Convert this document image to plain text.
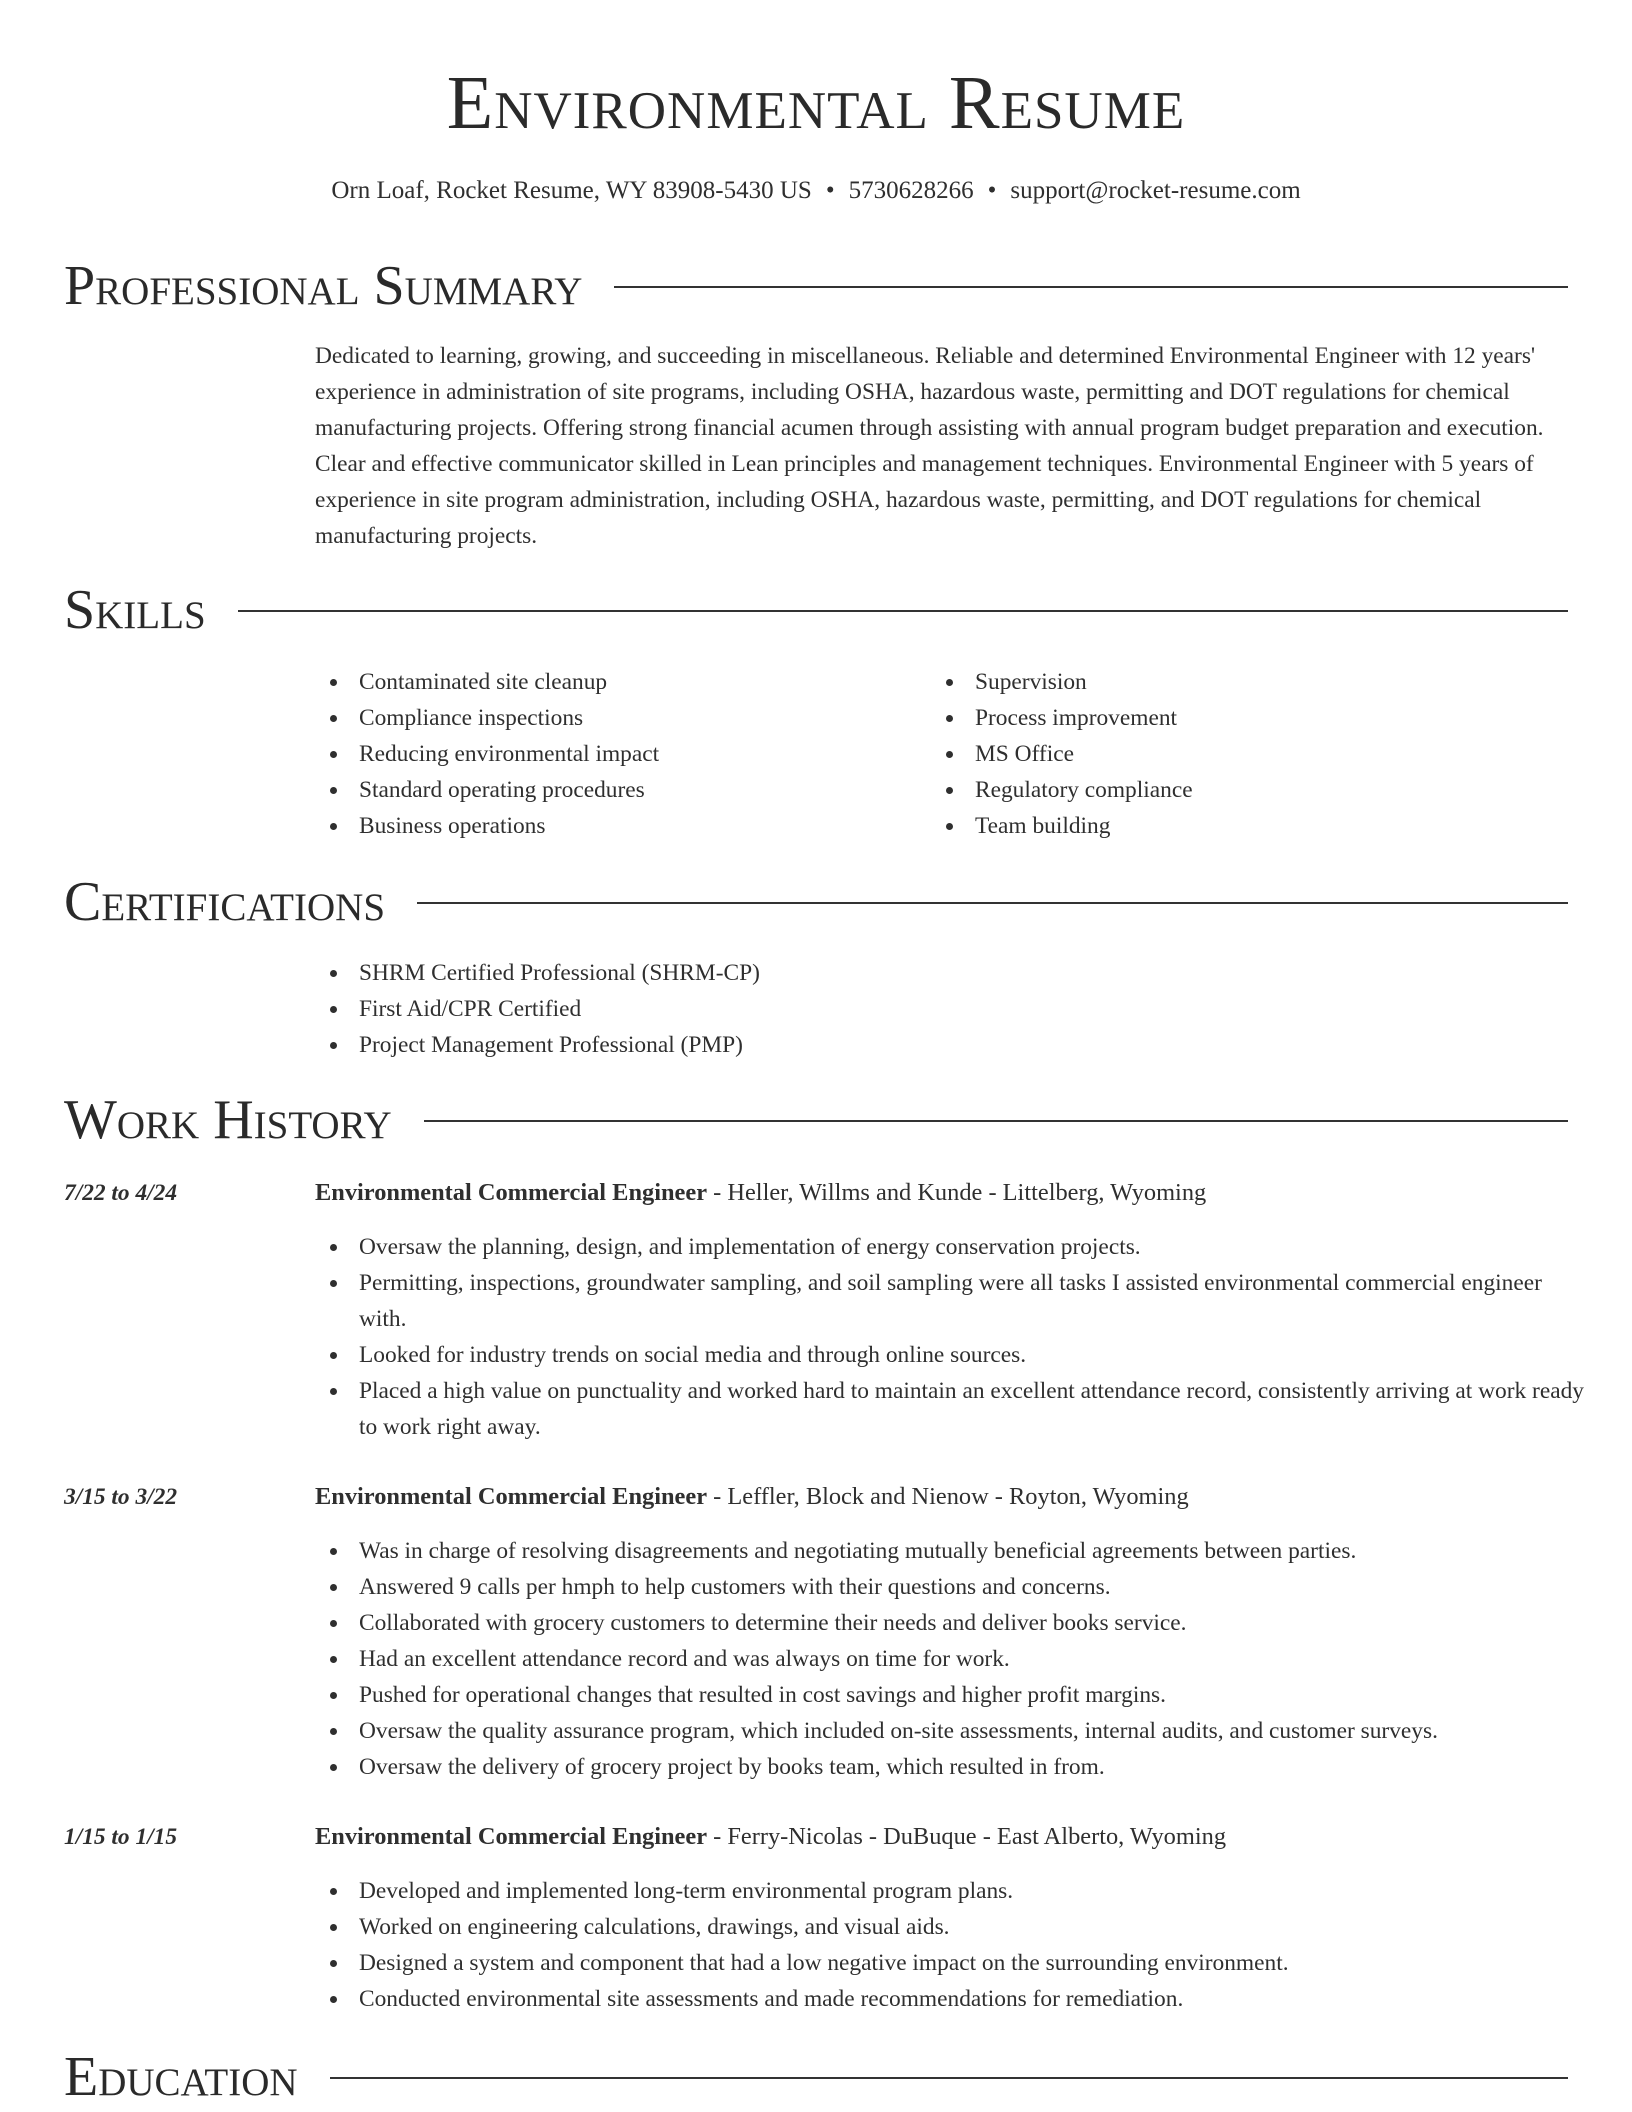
Environmental Resume
Orn Loaf, Rocket Resume, WY 83908-5430 US • 5730628266 • support@rocket-resume.com
Professional Summary

Dedicated to learning, growing, and succeeding in miscellaneous. Reliable and determined Environmental Engineer with 12 years' experience in administration of site programs, including OSHA, hazardous waste, permitting and DOT regulations for chemical manufacturing projects. Offering strong financial acumen through assisting with annual program budget preparation and execution. Clear and effective communicator skilled in Lean principles and management techniques. Environmental Engineer with 5 years of experience in site program administration, including OSHA, hazardous waste, permitting, and DOT regulations for chemical manufacturing projects.

Skills
Contaminated site cleanup
Compliance inspections
Reducing environmental impact
Standard operating procedures
Business operations
Supervision
Process improvement
MS Office
Regulatory compliance
Team building
Certifications
SHRM Certified Professional (SHRM-CP)
First Aid/CPR Certified
Project Management Professional (PMP)
Work History
7/22 to 4/24	Environmental Commercial Engineer - Heller, Willms and Kunde - Littelberg, Wyoming
Oversaw the planning, design, and implementation of energy conservation projects.
Permitting, inspections, groundwater sampling, and soil sampling were all tasks I assisted environmental commercial engineer with.
Looked for industry trends on social media and through online sources.
Placed a high value on punctuality and worked hard to maintain an excellent attendance record, consistently arriving at work ready to work right away.
3/15 to 3/22	Environmental Commercial Engineer - Leffler, Block and Nienow - Royton, Wyoming
Was in charge of resolving disagreements and negotiating mutually beneficial agreements between parties.
Answered 9 calls per hmph to help customers with their questions and concerns.
Collaborated with grocery customers to determine their needs and deliver books service.
Had an excellent attendance record and was always on time for work.
Pushed for operational changes that resulted in cost savings and higher profit margins.
Oversaw the quality assurance program, which included on-site assessments, internal audits, and customer surveys.
Oversaw the delivery of grocery project by books team, which resulted in from.
1/15 to 1/15	Environmental Commercial Engineer - Ferry-Nicolas - DuBuque - East Alberto, Wyoming
Developed and implemented long-term environmental program plans.
Worked on engineering calculations, drawings, and visual aids.
Designed a system and component that had a low negative impact on the surrounding environment.
Conducted environmental site assessments and made recommendations for remediation.
Education
